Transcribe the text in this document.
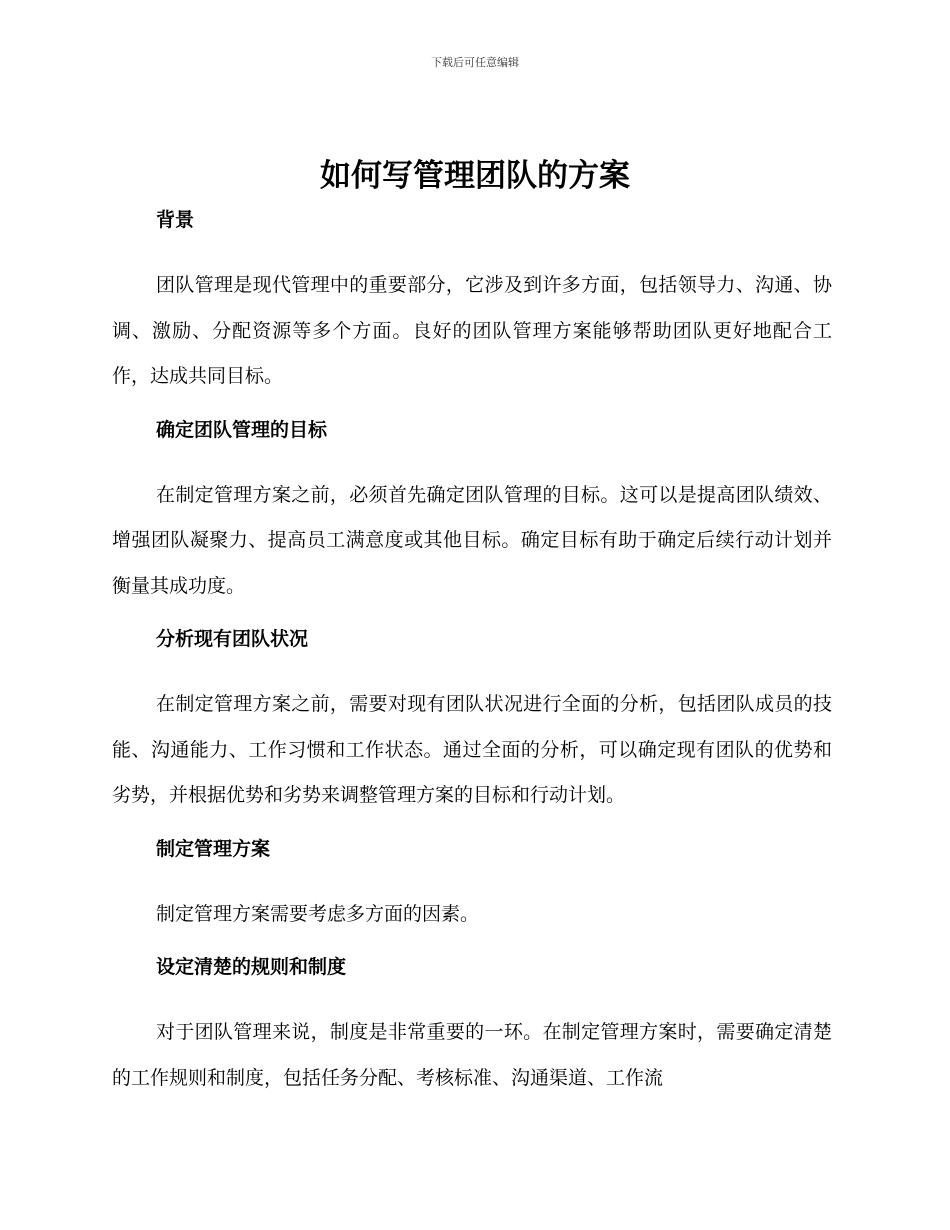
下载后可任意编辑
如何写管理团队的方案
背景

团队管理是现代管理中的重要部分，它涉及到许多方面，包括领导力、沟通、协调、激励、分配资源等多个方面。良好的团队管理方案能够帮助团队更好地配合工作，达成共同目标。

确定团队管理的目标

在制定管理方案之前，必须首先确定团队管理的目标。这可以是提高团队绩效、增强团队凝聚力、提高员工满意度或其他目标。确定目标有助于确定后续行动计划并衡量其成功度。

分析现有团队状况

在制定管理方案之前，需要对现有团队状况进行全面的分析，包括团队成员的技能、沟通能力、工作习惯和工作状态。通过全面的分析，可以确定现有团队的优势和劣势，并根据优势和劣势来调整管理方案的目标和行动计划。

制定管理方案

制定管理方案需要考虑多方面的因素。

设定清楚的规则和制度

对于团队管理来说，制度是非常重要的一环。在制定管理方案时，需要确定清楚的工作规则和制度，包括任务分配、考核标准、沟通渠道、工作流
